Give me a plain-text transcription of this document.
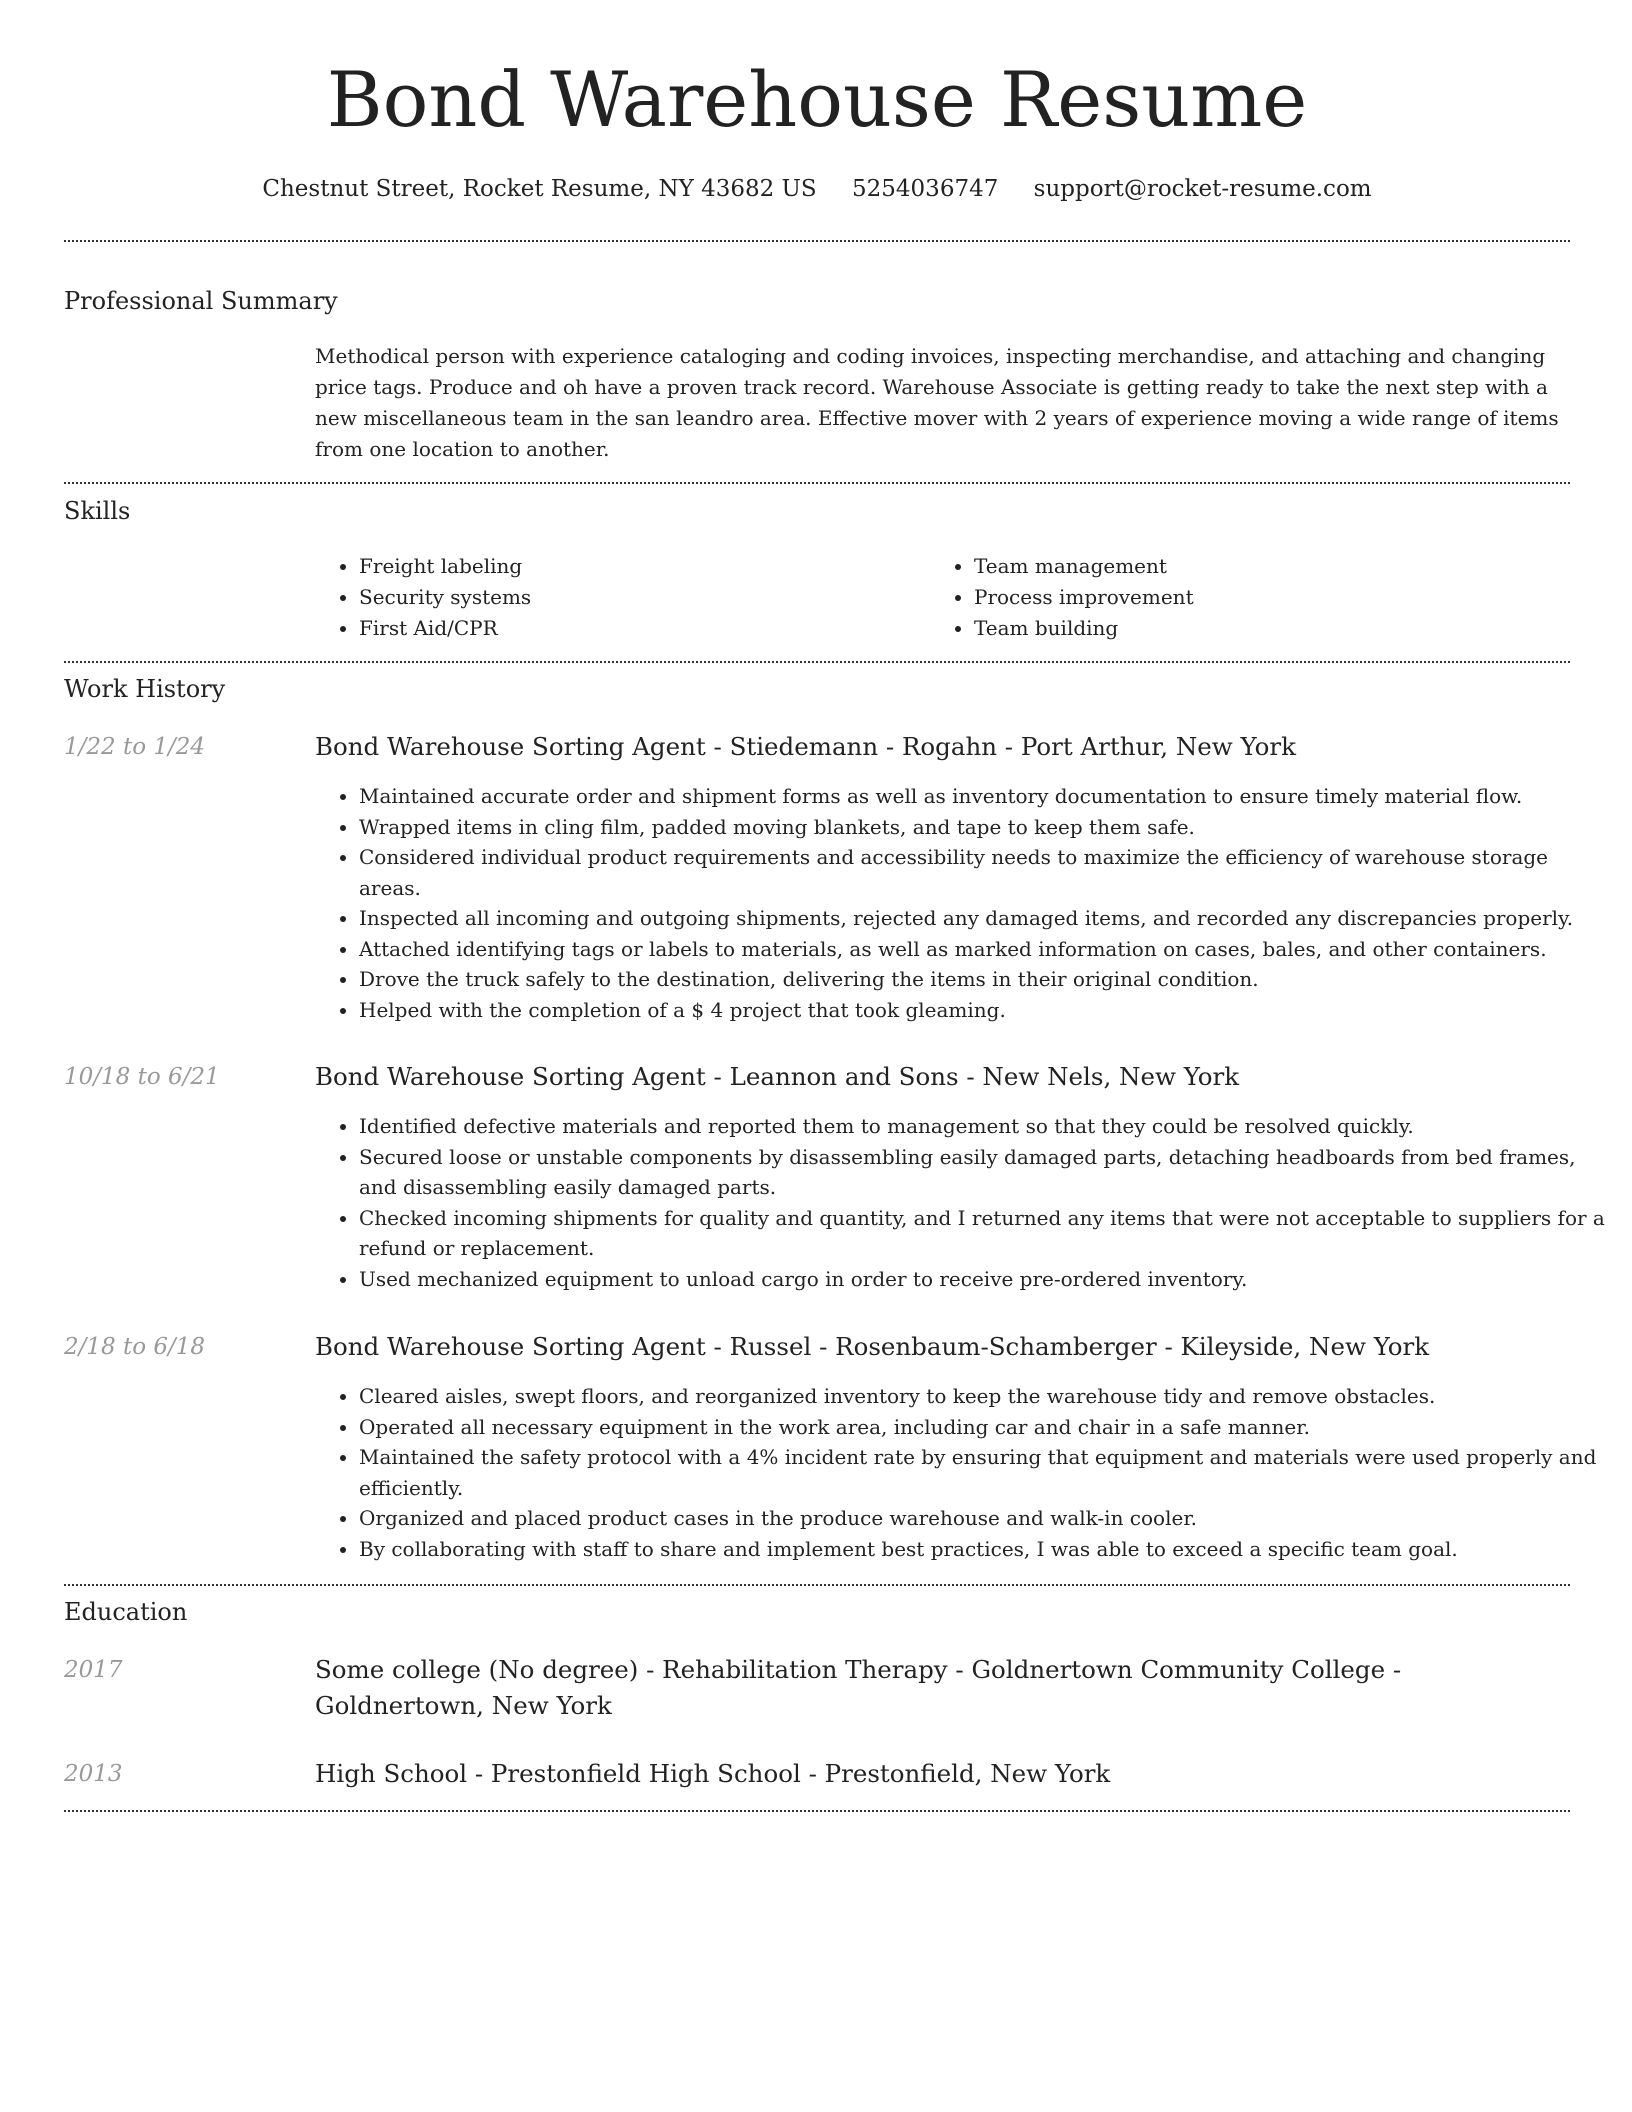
Bond Warehouse Resume
Chestnut Street, Rocket Resume, NY 43682 US 5254036747 support@rocket-resume.com
Professional Summary
Methodical person with experience cataloging and coding invoices, inspecting merchandise, and attaching and changing price tags. Produce and oh have a proven track record. Warehouse Associate is getting ready to take the next step with a new miscellaneous team in the san leandro area. Effective mover with 2 years of experience moving a wide range of items from one location to another.
Skills
• Freight labeling
• Security systems
• First Aid/CPR
• Team management
• Process improvement
• Team building
Work History
1/22 to 1/24	Bond Warehouse Sorting Agent - Stiedemann - Rogahn - Port Arthur, New York
• Maintained accurate order and shipment forms as well as inventory documentation to ensure timely material flow.
• Wrapped items in cling film, padded moving blankets, and tape to keep them safe.
• Considered individual product requirements and accessibility needs to maximize the efficiency of warehouse storage areas.
• Inspected all incoming and outgoing shipments, rejected any damaged items, and recorded any discrepancies properly.
• Attached identifying tags or labels to materials, as well as marked information on cases, bales, and other containers.
• Drove the truck safely to the destination, delivering the items in their original condition.
• Helped with the completion of a $ 4 project that took gleaming.
10/18 to 6/21	Bond Warehouse Sorting Agent - Leannon and Sons - New Nels, New York
• Identified defective materials and reported them to management so that they could be resolved quickly.
• Secured loose or unstable components by disassembling easily damaged parts, detaching headboards from bed frames, and disassembling easily damaged parts.
• Checked incoming shipments for quality and quantity, and I returned any items that were not acceptable to suppliers for a refund or replacement.
• Used mechanized equipment to unload cargo in order to receive pre-ordered inventory.
2/18 to 6/18	Bond Warehouse Sorting Agent - Russel - Rosenbaum-Schamberger - Kileyside, New York
• Cleared aisles, swept floors, and reorganized inventory to keep the warehouse tidy and remove obstacles.
• Operated all necessary equipment in the work area, including car and chair in a safe manner.
• Maintained the safety protocol with a 4% incident rate by ensuring that equipment and materials were used properly and efficiently.
• Organized and placed product cases in the produce warehouse and walk-in cooler.
• By collaborating with staff to share and implement best practices, I was able to exceed a specific team goal.
Education
2017	Some college (No degree) - Rehabilitation Therapy - Goldnertown Community College - Goldnertown, New York
2013	High School - Prestonfield High School - Prestonfield, New York
